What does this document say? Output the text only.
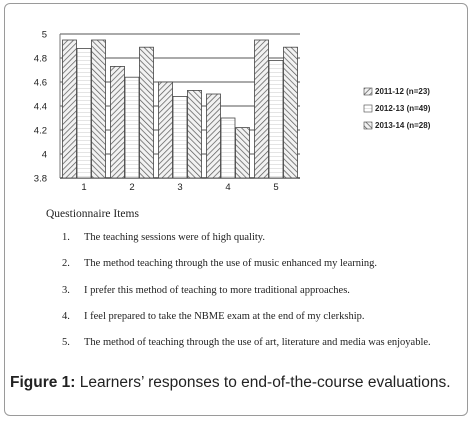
3.8
4
4.2
4.4
4.6
4.8
5
1	2	3	4	5
2011-12 (n=23)
2012-13 (n=49)
2013-14 (n=28)
Questionnaire Items
1.	The teaching sessions were of high quality.
2.	The method teaching through the use of music enhanced my learning.
3.	I prefer this method of teaching to more traditional approaches.
4.	I feel prepared to take the NBME exam at the end of my clerkship.
5.	The method of teaching through the use of art, literature and media was enjoyable.
Figure 1: Learners’ responses to end-of-the-course evaluations.
